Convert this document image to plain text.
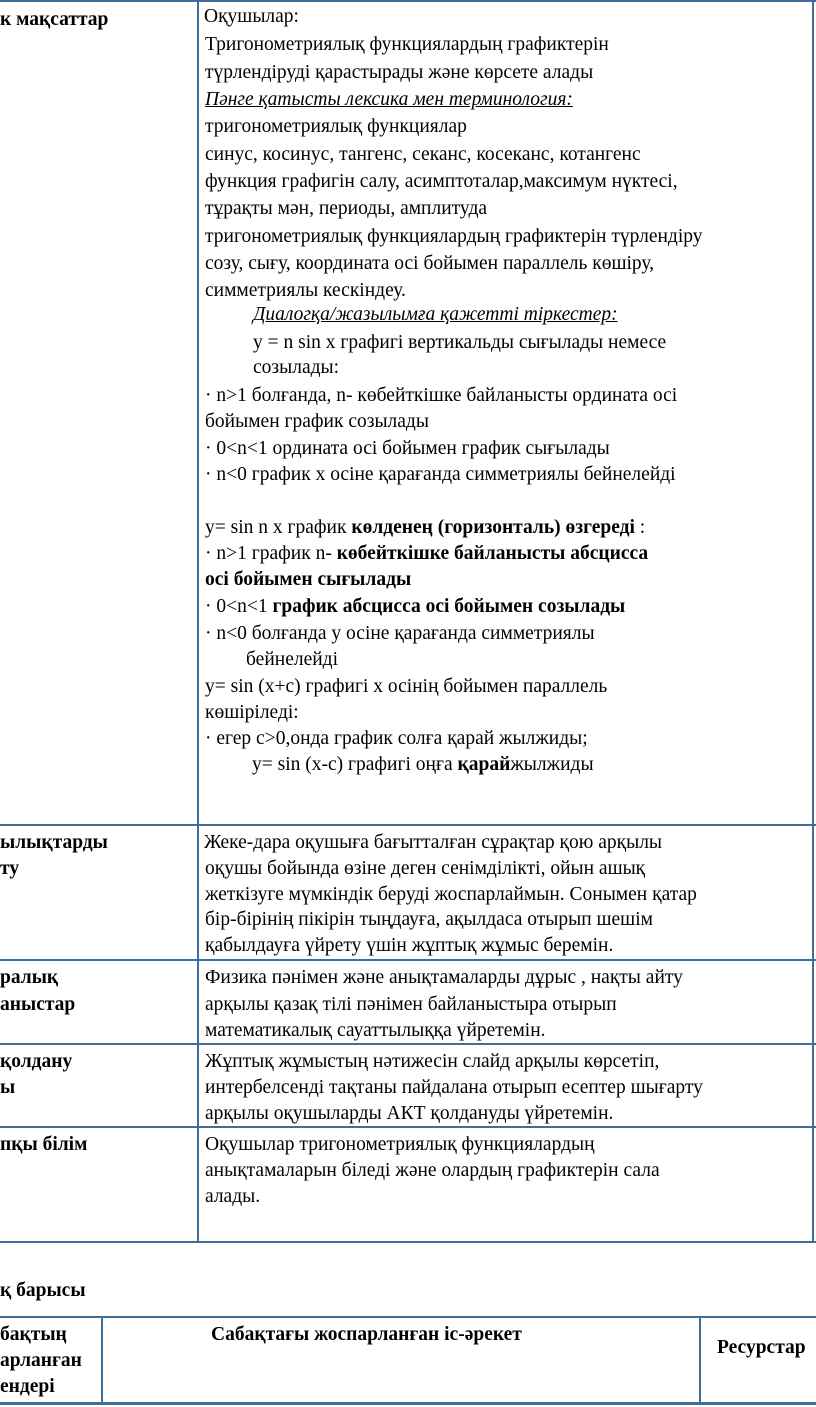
к мақсаттар	Оқушылар:
Тригонометриялық функциялардың графиктерін
түрлендіруді қарастырады және көрсете алады
Пәнге қатысты лексика мен терминология:
тригонометриялық функциялар
синус, косинус, тангенс, секанс, косеканс, котангенс
функция графигін салу, асимптоталар,максимум нүктесі,
тұрақты мән, периоды, амплитуда
тригонометриялық функциялардың графиктерін түрлендіру
созу, сығу, координата осі бойымен параллель көшіру,
симметриялы кескіндеу.
Диалогқа/жазылымға қажетті тіркестер:
у = n sin x графигі вертикальды сығылады немесе
созылады:
· n>1 болғанда, n- көбейткішке байланысты ордината осі
бойымен график созылады
· 0<n<1 ордината осі бойымен график сығылады
· n<0 график х осіне қарағанда симметриялы бейнелейді
у= sin n x график көлденең (горизонталь) өзгереді :
· n>1 график n- көбейткішке байланысты абсцисса
осі бойымен сығылады
· 0<n<1 график абсцисса осі бойымен созылады
· n<0 болғанда у осіне қарағанда симметриялы
бейнелейді
у= sin (x+c) графигі х осінің бойымен параллель
көшіріледі:
· егер с>0,онда график солға қарай жылжиды;
у= sin (x-c) графигі оңға қарайжылжиды
ылықтарды
ту
Жеке-дара оқушыға бағытталған сұрақтар қою арқылы
оқушы бойында өзіне деген сенімділікті, ойын ашық
жеткізуге мүмкіндік беруді жоспарлаймын. Сонымен қатар
бір-бірінің пікірін тыңдауға, ақылдаса отырып шешім
қабылдауға үйрету үшін жұптық жұмыс беремін.
ралық
аныстар
Физика пәнімен және анықтамаларды дұрыс , нақты айту
арқылы қазақ тілі пәнімен байланыстыра отырып
математикалық сауаттылыққа үйретемін.
қолдану
ы
Жұптық жұмыстың нәтижесін слайд арқылы көрсетіп,
интербелсенді тақтаны пайдалана отырып есептер шығарту
арқылы оқушыларды АКТ қолдануды үйретемін.
пқы білім	Оқушылар тригонометриялық функциялардың
анықтамаларын біледі және олардың графиктерін сала
алады.
қ барысы
бақтың
арланған
ендері
Сабақтағы жоспарланған іс-әрекет
Ресурстар
